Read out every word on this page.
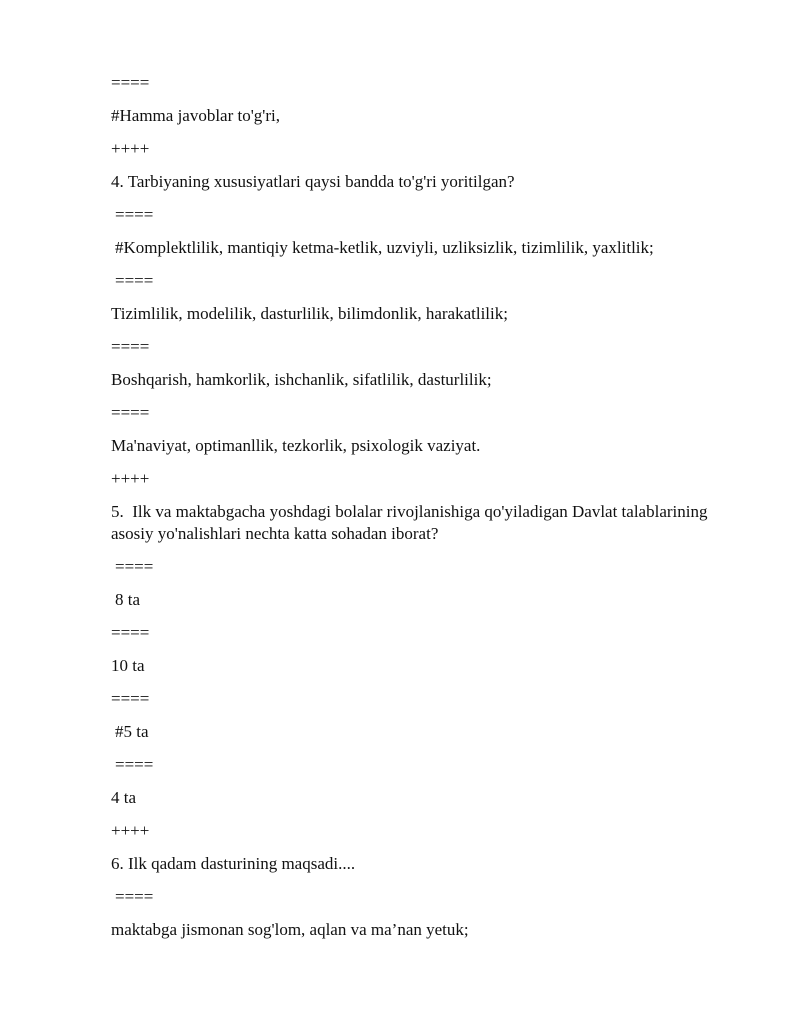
====

#Hamma javoblar to'g'ri,

++++

4. Tarbiyaning xususiyatlari qaysi bandda to'g'ri yoritilgan?

====

#Komplektlilik, mantiqiy ketma-ketlik, uzviyli, uzliksizlik, tizimlilik, yaxlitlik;

====

Tizimlilik, modelilik, dasturlilik, bilimdonlik, harakatlilik;

====

Boshqarish, hamkorlik, ishchanlik, sifatlilik, dasturlilik;

====

Ma'naviyat, optimanllik, tezkorlik, psixologik vaziyat.

++++

5.  Ilk va maktabgacha yoshdagi bolalar rivojlanishiga qo'yiladigan Davlat talablarining asosiy yo'nalishlari nechta katta sohadan iborat?

====

8 ta

====

10 ta

====

#5 ta

====

4 ta

++++

6. Ilk qadam dasturining maqsadi....

====

maktabga jismonan sog'lom, aqlan va ma’nan yetuk;
